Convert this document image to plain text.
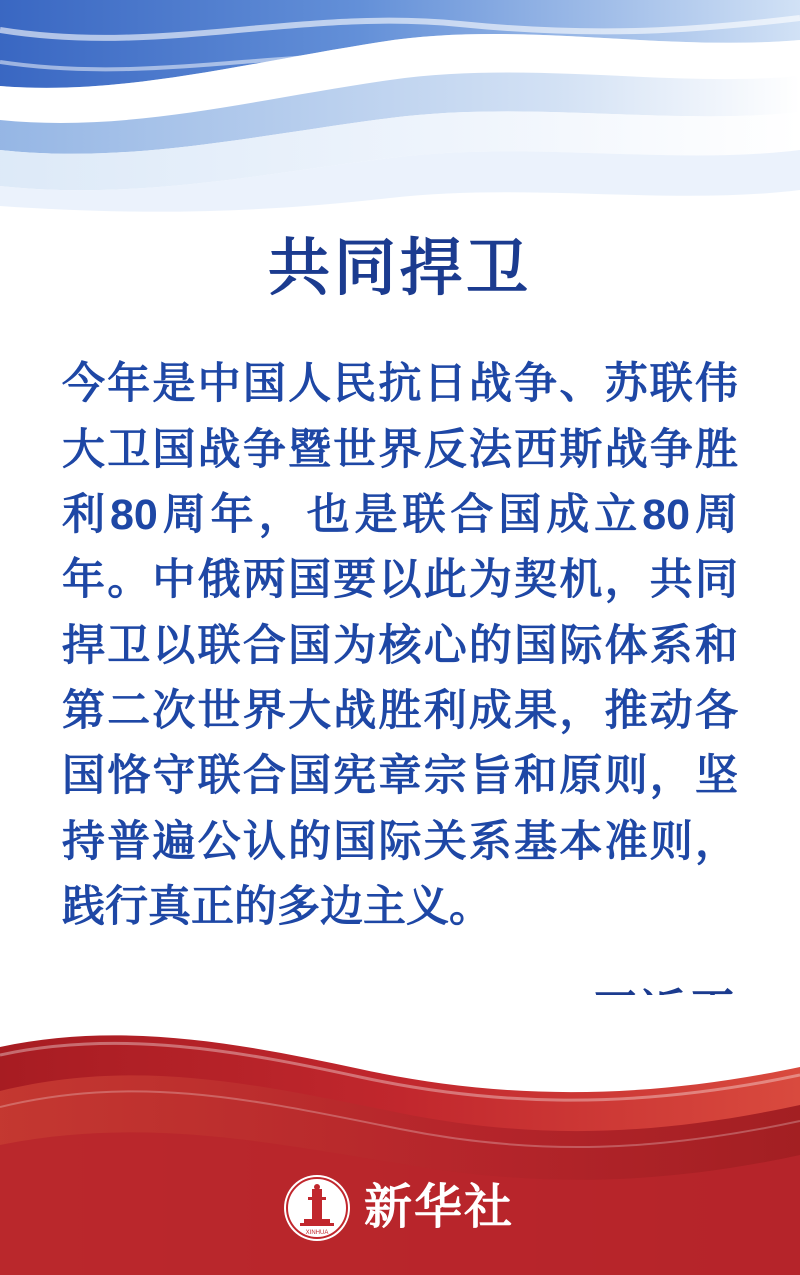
共同捍卫
今年是中国人民抗日战争、苏联伟大卫国战争暨世界反法西斯战争胜利80周年，也是联合国成立80周年。中俄两国要以此为契机，共同捍卫以联合国为核心的国际体系和第二次世界大战胜利成果，推动各国恪守联合国宪章宗旨和原则，坚持普遍公认的国际关系基本准则，践行真正的多边主义。
XINHUA 新华社
